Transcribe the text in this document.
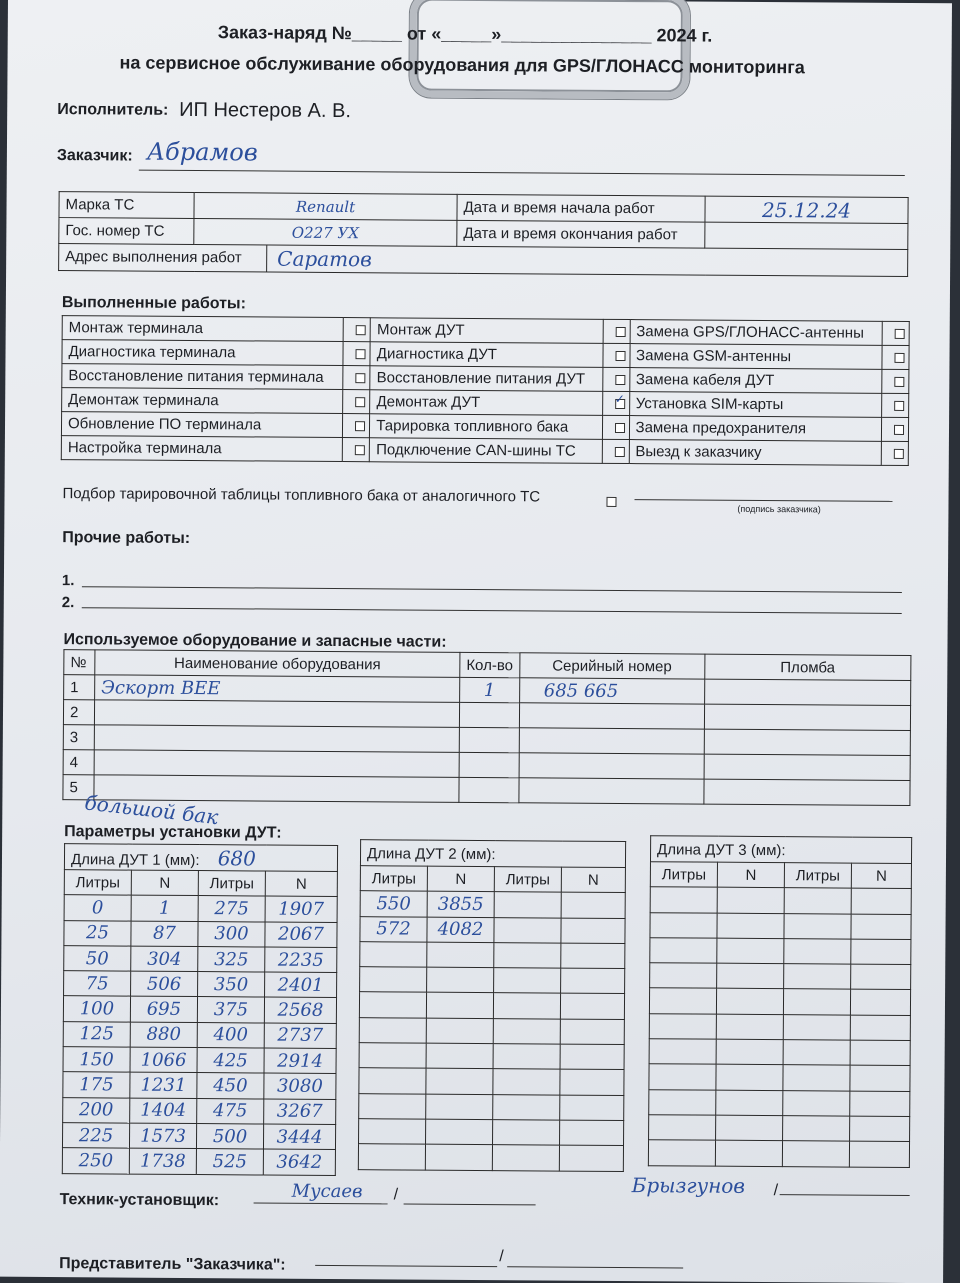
Заказ-наряд №_____ от «_____»_______________ 2024 г.
на сервисное обслуживание оборудования для GPS/ГЛОНАСС мониторинга
Исполнитель: ИП Нестеров А. В.
Заказчик: Абрамов
Марка ТС	Renault	Дата и время начала работ	25.12.24
Гос. номер ТС	О227 УХ	Дата и время окончания работ	

Адрес выполнения работ Саратов			
Выполненные работы:
Монтаж терминала		Монтаж ДУТ		Замена GPS/ГЛОНАСС-антенны	
Диагностика терминала		Диагностика ДУТ		Замена GSM-антенны	
Восстановление питания терминала		Восстановление питания ДУТ		Замена кабеля ДУТ	
Демонтаж терминала		Демонтаж ДУТ	✓	Установка SIM-карты	
Обновление ПО терминала		Тарировка топливного бака		Замена предохранителя	
Настройка терминала		Подключение CAN-шины ТС		Выезд к заказчику	
Подбор тарировочной таблицы топливного бака от аналогичного ТС
(подпись заказчика)
Прочие работы:
1.
2.
Используемое оборудование и запасные части:
№	Наименование оборудования	Кол-во	Серийный номер	Пломба
1	Эскорт ВЕЕ	1	685 665	
2				
3				
4				
5				
большой бак
Параметры установки ДУТ:
Длина ДУТ 1 (мм): 680			
Литры	N	Литры	N
0	1	275	1907
25	87	300	2067
50	304	325	2235
75	506	350	2401
100	695	375	2568
125	880	400	2737
150	1066	425	2914
175	1231	450	3080
200	1404	475	3267
225	1573	500	3444
250	1738	525	3642
Длина ДУТ 2 (мм):			
Литры	N	Литры	N
550	3855		
572	4082		

Длина ДУТ 3 (мм):			
Литры	N	Литры	N

Техник-установщик:	Мусаев /	Брызгунов /
Представитель "Заказчика":	/
